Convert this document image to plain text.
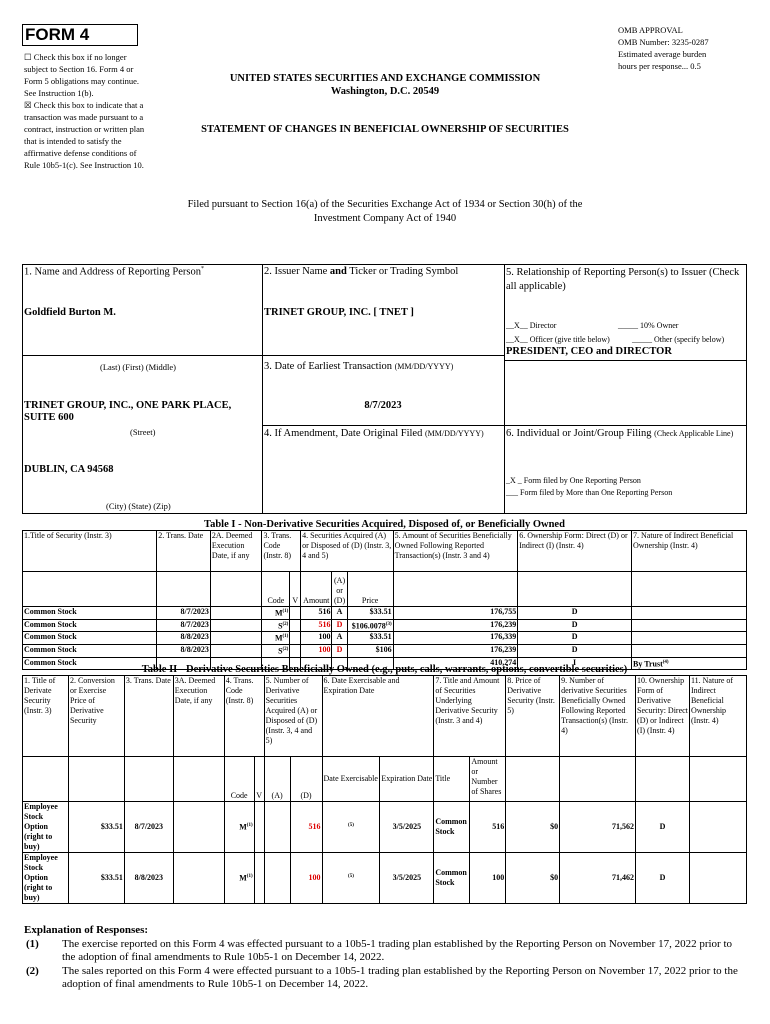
FORM 4
☐ Check this box if no longer subject to Section 16. Form 4 or Form 5 obligations may continue. See Instruction 1(b).
☒ Check this box to indicate that a transaction was made pursuant to a contract, instruction or written plan that is intended to satisfy the affirmative defense conditions of Rule 10b5-1(c). See Instruction 10.
OMB APPROVAL
OMB Number: 3235-0287
Estimated average burden
hours per response... 0.5
UNITED STATES SECURITIES AND EXCHANGE COMMISSION
Washington, D.C. 20549
STATEMENT OF CHANGES IN BENEFICIAL OWNERSHIP OF SECURITIES
Filed pursuant to Section 16(a) of the Securities Exchange Act of 1934 or Section 30(h) of the
Investment Company Act of 1940
1. Name and Address of Reporting Person*
Goldfield Burton M.
(Last) (First) (Middle)
TRINET GROUP, INC., ONE PARK PLACE, SUITE 600
(Street)
DUBLIN, CA 94568
(City) (State) (Zip)
2. Issuer Name and Ticker or Trading Symbol
TRINET GROUP, INC. [ TNET ]
3. Date of Earliest Transaction (MM/DD/YYYY)
8/7/2023
4. If Amendment, Date Original Filed (MM/DD/YYYY)
5. Relationship of Reporting Person(s) to Issuer (Check all applicable)
__X__ Director	_____ 10% Owner
__X__ Officer (give title below)	_____ Other (specify below)
PRESIDENT, CEO and DIRECTOR
6. Individual or Joint/Group Filing (Check Applicable Line)
_X _ Form filed by One Reporting Person
___ Form filed by More than One Reporting Person
Table I - Non-Derivative Securities Acquired, Disposed of, or Beneficially Owned
1.Title of Security (Instr. 3)	2. Trans. Date	2A. Deemed Execution Date, if any	3. Trans. Code (Instr. 8)		4. Securities Acquired (A) or Disposed of (D) (Instr. 3, 4 and 5)			5. Amount of Securities Beneficially Owned Following Reported Transaction(s) (Instr. 3 and 4)	6. Ownership Form: Direct (D) or Indirect (I) (Instr. 4)	7. Nature of Indirect Beneficial Ownership (Instr. 4)
			Code	V	Amount	(A) or (D)	Price			
Common Stock	8/7/2023		$M^{(1)}$		516	A	$33.51	176,755	D	
Common Stock	8/7/2023		$S^{(2)}$		516	D	$106.0078$^{(3)}$	176,239	D	
Common Stock	8/8/2023		$M^{(1)}$		100	A	$33.51	176,339	D	
Common Stock	8/8/2023		$S^{(2)}$		100	D	$106	176,239	D	
Common Stock								410,274	I	By Trust$^{(4)}$
Table II - Derivative Securities Beneficially Owned (e.g., puts, calls, warrants, options, convertible securities)
1. Title of Derivate Security (Instr. 3)	2. Conversion or Exercise Price of Derivative Security	3. Trans. Date	3A. Deemed Execution Date, if any	4. Trans. Code (Instr. 8)		5. Number of Derivative Securities Acquired (A) or Disposed of (D) (Instr. 3, 4 and 5)		6. Date Exercisable and Expiration Date		7. Title and Amount of Securities Underlying Derivative Security (Instr. 3 and 4)		8. Price of Derivative Security (Instr. 5)	9. Number of derivative Securities Beneficially Owned Following Reported Transaction(s) (Instr. 4)	10. Ownership Form of Derivative Security: Direct (D) or Indirect (I) (Instr. 4)	11. Nature of Indirect Beneficial Ownership (Instr. 4)
				Code	V	(A)	(D)	Date Exercisable	Expiration Date	Title	Amount or Number of Shares				
Employee Stock Option (right to buy)	$33.51	8/7/2023		$M^{(1)}$			516	$^{(5)}$	3/5/2025	Common Stock	516	$0	71,562	D	
Employee Stock Option (right to buy)	$33.51	8/8/2023		$M^{(1)}$			100	$^{(5)}$	3/5/2025	Common Stock	100	$0	71,462	D	
Explanation of Responses:
(1) The exercise reported on this Form 4 was effected pursuant to a 10b5-1 trading plan established by the Reporting Person on November 17, 2022 prior to the adoption of final amendments to Rule 10b5-1 on December 14, 2022.
(2) The sales reported on this Form 4 were effected pursuant to a 10b5-1 trading plan established by the Reporting Person on November 17, 2022 prior to the adoption of final amendments to Rule 10b5-1 on December 14, 2022.
